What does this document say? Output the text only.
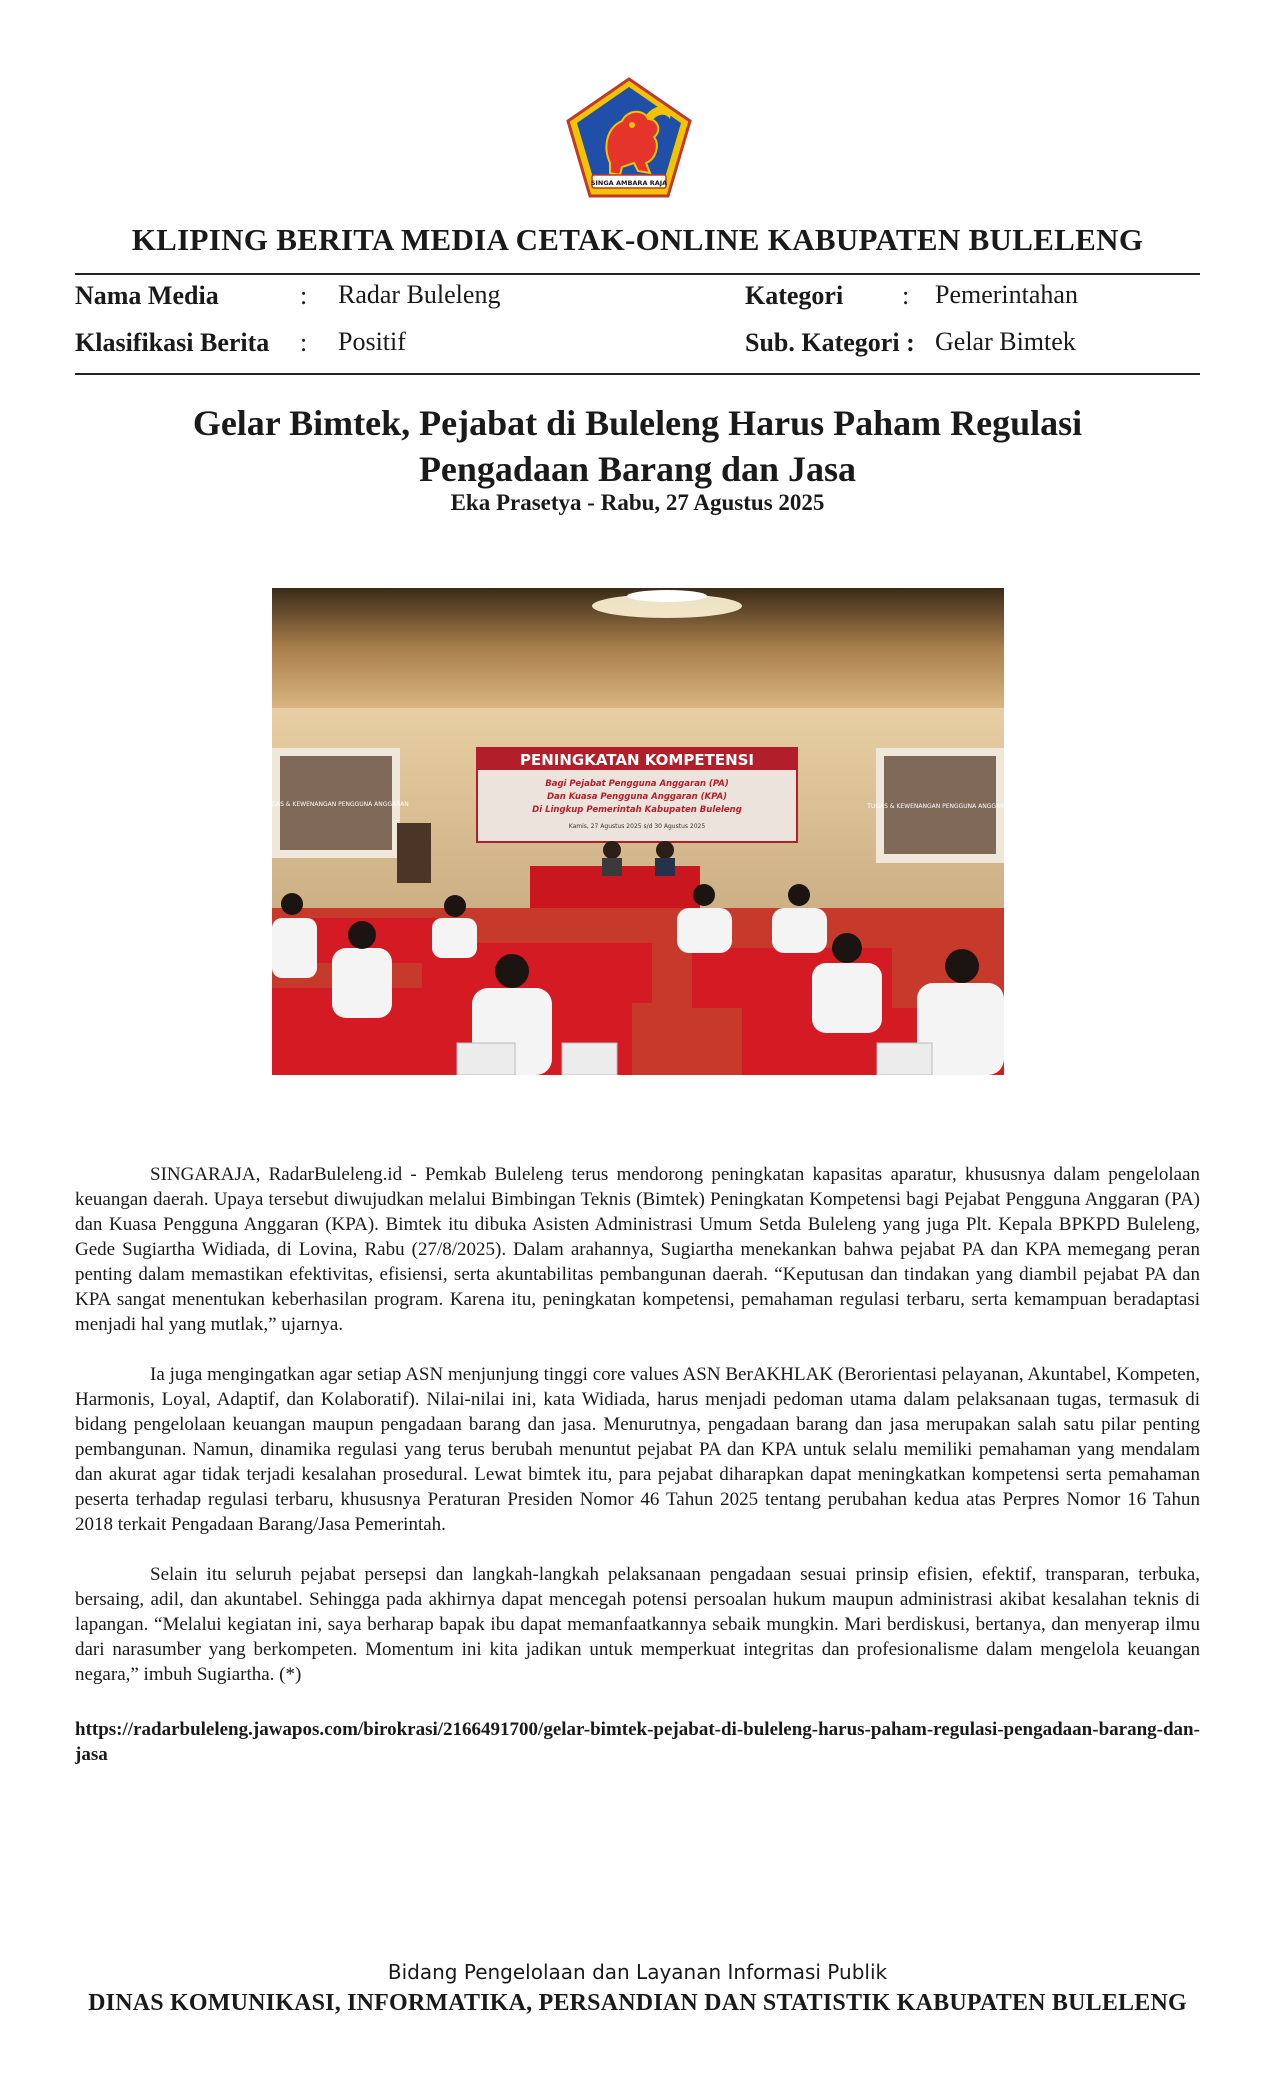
SINGA AMBARA RAJA
KLIPING BERITA MEDIA CETAK-ONLINE KABUPATEN BULELENG
Nama Media	: Radar Buleleng	Kategori : Pemerintahan
Klasifikasi Berita : Positif	Sub. Kategori : Gelar Bimtek
Gelar Bimtek, Pejabat di Buleleng Harus Paham Regulasi
Pengadaan Barang dan Jasa
Eka Prasetya - Rabu, 27 Agustus 2025
TUGAS & KEWENANGAN PENGGUNA ANGGARAN	TUGAS & KEWENANGAN PENGGUNA ANGGARAN
PENINGKATAN KOMPETENSI
Bagi Pejabat Pengguna Anggaran (PA)
Dan Kuasa Pengguna Anggaran (KPA)
Di Lingkup Pemerintah Kabupaten Buleleng
Kamis, 27 Agustus 2025 s/d 30 Agustus 2025

SINGARAJA, RadarBuleleng.id - Pemkab Buleleng terus mendorong peningkatan kapasitas aparatur, khususnya dalam pengelolaan keuangan daerah. Upaya tersebut diwujudkan melalui Bimbingan Teknis (Bimtek) Peningkatan Kompetensi bagi Pejabat Pengguna Anggaran (PA) dan Kuasa Pengguna Anggaran (KPA). Bimtek itu dibuka Asisten Administrasi Umum Setda Buleleng yang juga Plt. Kepala BPKPD Buleleng, Gede Sugiartha Widiada, di Lovina, Rabu (27/8/2025). Dalam arahannya, Sugiartha menekankan bahwa pejabat PA dan KPA memegang peran penting dalam memastikan efektivitas, efisiensi, serta akuntabilitas pembangunan daerah. “Keputusan dan tindakan yang diambil pejabat PA dan KPA sangat menentukan keberhasilan program. Karena itu, peningkatan kompetensi, pemahaman regulasi terbaru, serta kemampuan beradaptasi menjadi hal yang mutlak,” ujarnya.

Ia juga mengingatkan agar setiap ASN menjunjung tinggi core values ASN BerAKHLAK (Berorientasi pelayanan, Akuntabel, Kompeten, Harmonis, Loyal, Adaptif, dan Kolaboratif). Nilai-nilai ini, kata Widiada, harus menjadi pedoman utama dalam pelaksanaan tugas, termasuk di bidang pengelolaan keuangan maupun pengadaan barang dan jasa. Menurutnya, pengadaan barang dan jasa merupakan salah satu pilar penting pembangunan. Namun, dinamika regulasi yang terus berubah menuntut pejabat PA dan KPA untuk selalu memiliki pemahaman yang mendalam dan akurat agar tidak terjadi kesalahan prosedural. Lewat bimtek itu, para pejabat diharapkan dapat meningkatkan kompetensi serta pemahaman peserta terhadap regulasi terbaru, khususnya Peraturan Presiden Nomor 46 Tahun 2025 tentang perubahan kedua atas Perpres Nomor 16 Tahun 2018 terkait Pengadaan Barang/Jasa Pemerintah.

Selain itu seluruh pejabat persepsi dan langkah-langkah pelaksanaan pengadaan sesuai prinsip efisien, efektif, transparan, terbuka, bersaing, adil, dan akuntabel. Sehingga pada akhirnya dapat mencegah potensi persoalan hukum maupun administrasi akibat kesalahan teknis di lapangan. “Melalui kegiatan ini, saya berharap bapak ibu dapat memanfaatkannya sebaik mungkin. Mari berdiskusi, bertanya, dan menyerap ilmu dari narasumber yang berkompeten. Momentum ini kita jadikan untuk memperkuat integritas dan profesionalisme dalam mengelola keuangan negara,” imbuh Sugiartha. (*)

https://radarbuleleng.jawapos.com/birokrasi/2166491700/gelar-bimtek-pejabat-di-buleleng-harus-paham-regulasi-pengadaan-barang-dan-jasa
Bidang Pengelolaan dan Layanan Informasi Publik
DINAS KOMUNIKASI, INFORMATIKA, PERSANDIAN DAN STATISTIK KABUPATEN BULELENG
